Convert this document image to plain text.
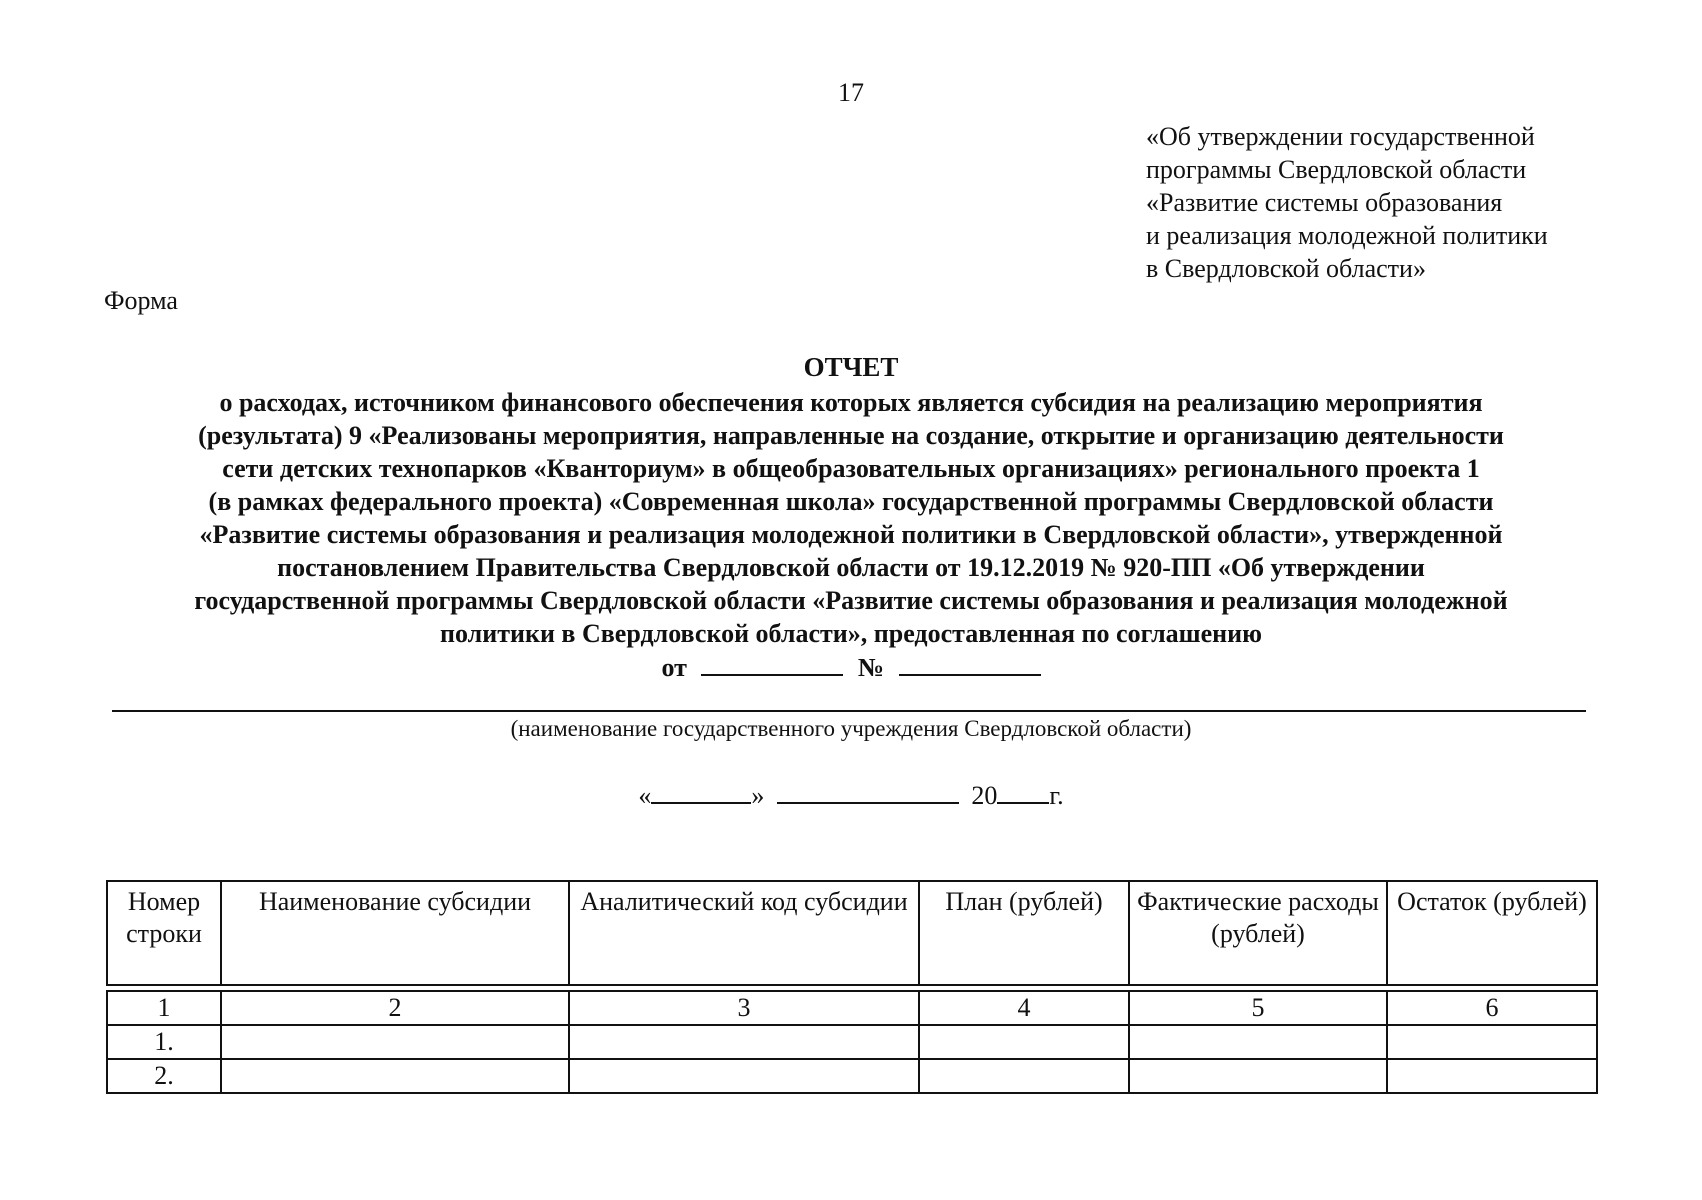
17
«Об утверждении государственной
программы Свердловской области
«Развитие системы образования
и реализация молодежной политики
в Свердловской области»
Форма
ОТЧЕТ
о расходах, источником финансового обеспечения которых является субсидия на реализацию мероприятия
(результата) 9 «Реализованы мероприятия, направленные на создание, открытие и организацию деятельности
сети детских технопарков «Кванториум» в общеобразовательных организациях» регионального проекта 1
(в рамках федерального проекта) «Современная школа» государственной программы Свердловской области
«Развитие системы образования и реализация молодежной политики в Свердловской области», утвержденной
постановлением Правительства Свердловской области от 19.12.2019 № 920-ПП «Об утверждении
государственной программы Свердловской области «Развитие системы образования и реализация молодежной
политики в Свердловской области», предоставленная по соглашению
от	№
(наименование государственного учреждения Свердловской области)
«	»	20 г.
Номер строки	Наименование субсидии	Аналитический код субсидии	План (рублей)	Фактические расходы (рублей)	Остаток (рублей)

1	2	3	4	5	6
1.					
2.					
